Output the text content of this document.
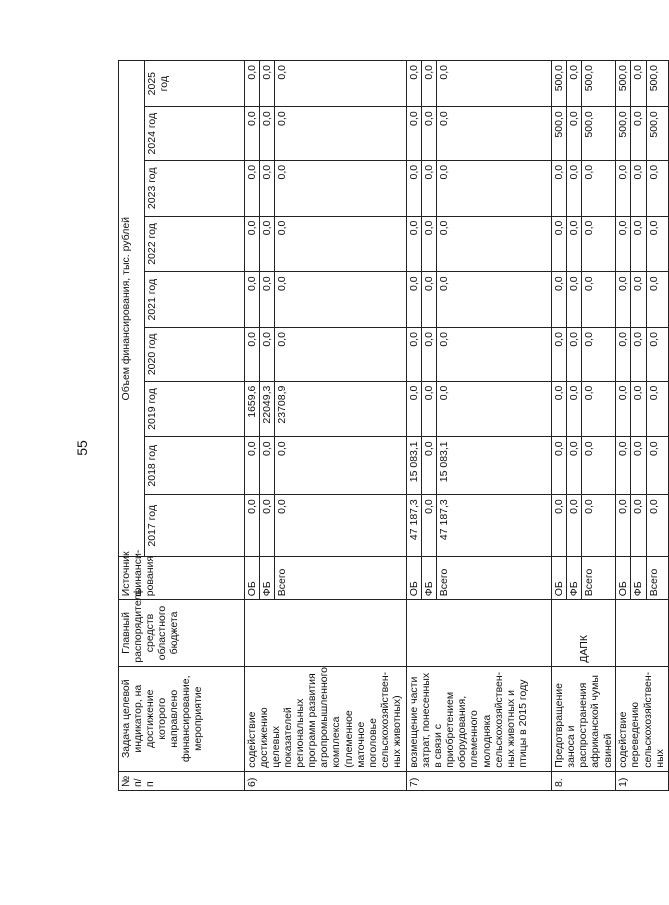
55
№ п/п	Задача целевой индикатор, на достижение которого направлено финансирование, мероприятие	Главный распорядитель средств областного бюджета	Источник финанси-рования	Объем финансирования, тыс. рублей								
				2017 год	2018 год	2019 год	2020 год	2021 год	2022 год	2023 год	2024 год	2025 год
6)	содействие достижению целевых показателей региональных программ развития агропромышленного комплекса (племенное маточное поголовье сельскохозяйствен-ных животных)		ОБ	0,0	0,0	1659,6	0,0	0,0	0,0	0,0	0,0	0,0
			ФБ	0,0	0,0	22049,3	0,0	0,0	0,0	0,0	0,0	0,0
			Всего	0,0	0,0	23708,9	0,0	0,0	0,0	0,0	0,0	0,0
7)	возмещение части затрат, понесенных в связи с приобретением оборудования, племенного молодняка сельскохозяйствен-ных животных и птицы в 2015 году		ОБ	47 187,3	15 083,1	0,0	0,0	0,0	0,0	0,0	0,0	0,0
			ФБ	0,0	0,0	0,0	0,0	0,0	0,0	0,0	0,0	0,0
			Всего	47 187,3	15 083,1	0,0	0,0	0,0	0,0	0,0	0,0	0,0
8.	Предотвращение заноса и распространения африканской чумы свиней	ДАПК	ОБ	0,0	0,0	0,0	0,0	0,0	0,0	0,0	500,0	500,0
			ФБ	0,0	0,0	0,0	0,0	0,0	0,0	0,0	0,0	0,0
			Всего	0,0	0,0	0,0	0,0	0,0	0,0	0,0	500,0	500,0
1)	содействие переведению сельскохозяйствен-ных		ОБ	0,0	0,0	0,0	0,0	0,0	0,0	0,0	500,0	500,0
			ФБ	0,0	0,0	0,0	0,0	0,0	0,0	0,0	0,0	0,0
			Всего	0,0	0,0	0,0	0,0	0,0	0,0	0,0	500,0	500,0
